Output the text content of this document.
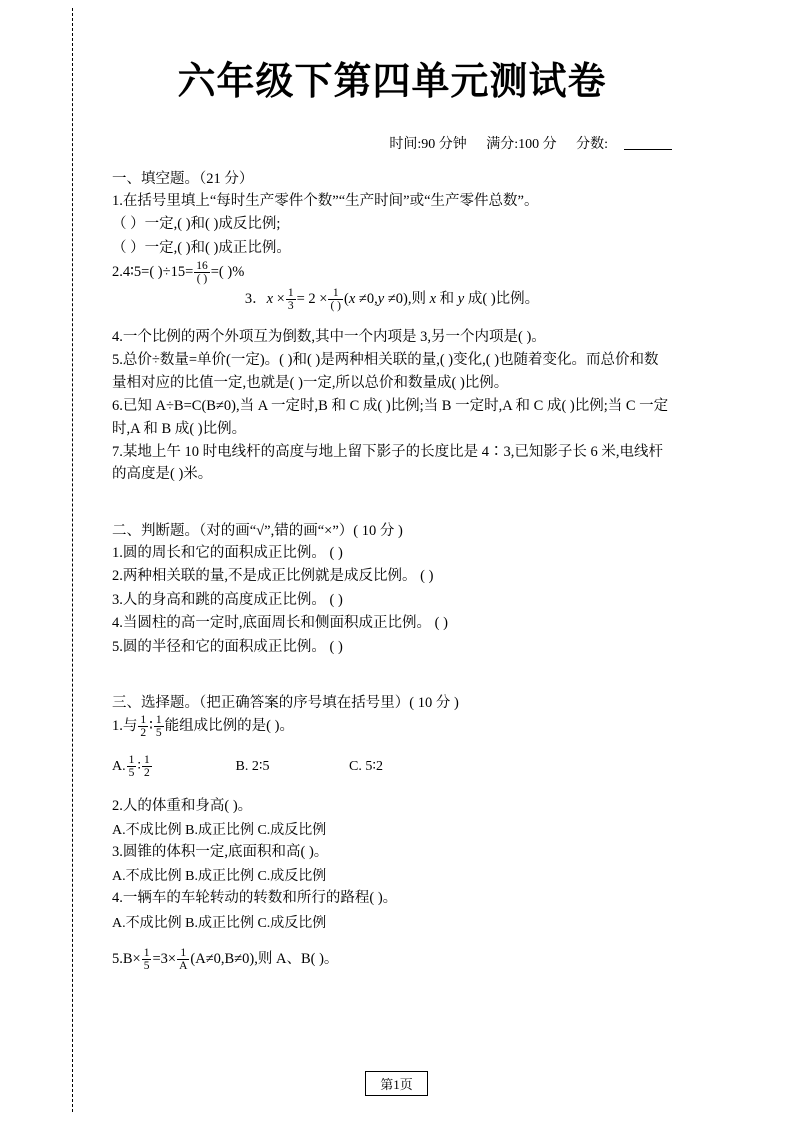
六年级下第四单元测试卷
时间:90 分钟 满分:100 分 分数:
一、填空题。（21 分）

1.在括号里填上“每时生产零件个数”“生产时间”或“生产零件总数”。

（ ）一定,( )和( )成反比例;

（ ）一定,( )和( )成正比例。

2.4∶5=( )$\div 15= \frac{16}{( )}$ =( )%

3．$x \times \frac{1}{3} = 2 \times \frac{1}{( )} (x \ne 0,y \ne 0)$,则 x 和 y 成( )比例。

4.一个比例的两个外项互为倒数,其中一个内项是 3,另一个内项是( )。

5.总价÷数量=单价(一定)。( )和( )是两种相关联的量,( )变化,( )也随着变化。而总价和数量相对应的比值一定,也就是( )一定,所以总价和数量成( )比例。

6.已知 A÷B=C(B≠0),当 A 一定时,B 和 C 成( )比例;当 B 一定时,A 和 C 成( )比例;当 C 一定时,A 和 B 成( )比例。

7.某地上午 10 时电线杆的高度与地上留下影子的长度比是 4∶3,已知影子长 6 米,电线杆的高度是( )米。

二、判断题。（对的画“√”,错的画“×”）( 10 分 )

1.圆的周长和它的面积成正比例。 ( )

2.两种相关联的量,不是成正比例就是成反比例。 ( )

3.人的身高和跳的高度成正比例。 ( )

4.当圆柱的高一定时,底面周长和侧面积成正比例。 ( )

5.圆的半径和它的面积成正比例。 ( )

三、选择题。（把正确答案的序号填在括号里）( 10 分 )

1.与 $\frac{1}{2}$ ∶ $\frac{1}{5}$ 能组成比例的是( )。

A. $\frac{1}{5}$ ∶ $\frac{1}{2}$	B. 2∶5	C. 5∶2

2.人的体重和身高( )。

A.不成比例 B.成正比例 C.成反比例

3.圆锥的体积一定,底面积和高( )。

A.不成比例 B.成正比例 C.成反比例

4.一辆车的车轮转动的转数和所行的路程( )。

A.不成比例 B.成正比例 C.成反比例

$5.B\times \frac{1}{5} =3\times \frac{1}{A} (A\ne 0,B\ne 0)$,则 A、B( )。

第1页
